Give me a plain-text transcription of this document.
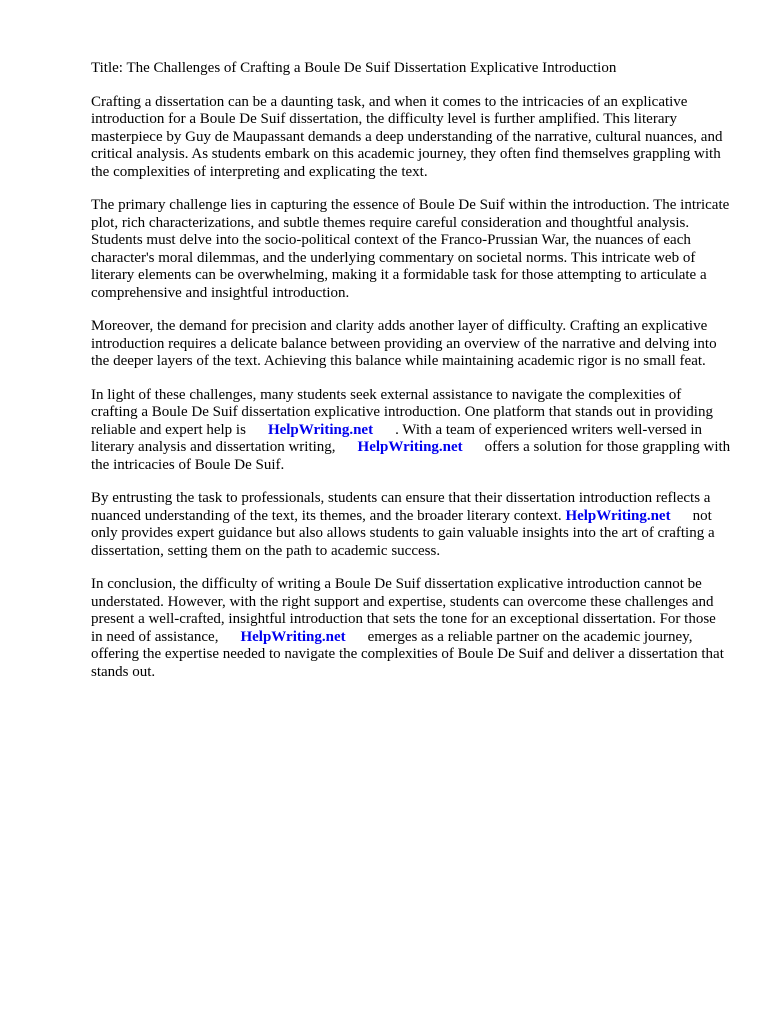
Title: The Challenges of Crafting a Boule De Suif Dissertation Explicative Introduction

Crafting a dissertation can be a daunting task, and when it comes to the intricacies of an explicative introduction for a Boule De Suif dissertation, the difficulty level is further amplified. This literary masterpiece by Guy de Maupassant demands a deep understanding of the narrative, cultural nuances, and critical analysis. As students embark on this academic journey, they often find themselves grappling with the complexities of interpreting and explicating the text.

The primary challenge lies in capturing the essence of Boule De Suif within the introduction. The intricate plot, rich characterizations, and subtle themes require careful consideration and thoughtful analysis. Students must delve into the socio-political context of the Franco-Prussian War, the nuances of each character's moral dilemmas, and the underlying commentary on societal norms. This intricate web of literary elements can be overwhelming, making it a formidable task for those attempting to articulate a comprehensive and insightful introduction.

Moreover, the demand for precision and clarity adds another layer of difficulty. Crafting an explicative introduction requires a delicate balance between providing an overview of the narrative and delving into the deeper layers of the text. Achieving this balance while maintaining academic rigor is no small feat.

In light of these challenges, many students seek external assistance to navigate the complexities of crafting a Boule De Suif dissertation explicative introduction. One platform that stands out in providing reliable and expert help is HelpWriting.net . With a team of experienced writers well-versed in literary analysis and dissertation writing, HelpWriting.net offers a solution for those grappling with the intricacies of Boule De Suif.

By entrusting the task to professionals, students can ensure that their dissertation introduction reflects a nuanced understanding of the text, its themes, and the broader literary context. HelpWriting.net not only provides expert guidance but also allows students to gain valuable insights into the art of crafting a dissertation, setting them on the path to academic success.

In conclusion, the difficulty of writing a Boule De Suif dissertation explicative introduction cannot be understated. However, with the right support and expertise, students can overcome these challenges and present a well-crafted, insightful introduction that sets the tone for an exceptional dissertation. For those in need of assistance, HelpWriting.net emerges as a reliable partner on the academic journey, offering the expertise needed to navigate the complexities of Boule De Suif and deliver a dissertation that stands out.
